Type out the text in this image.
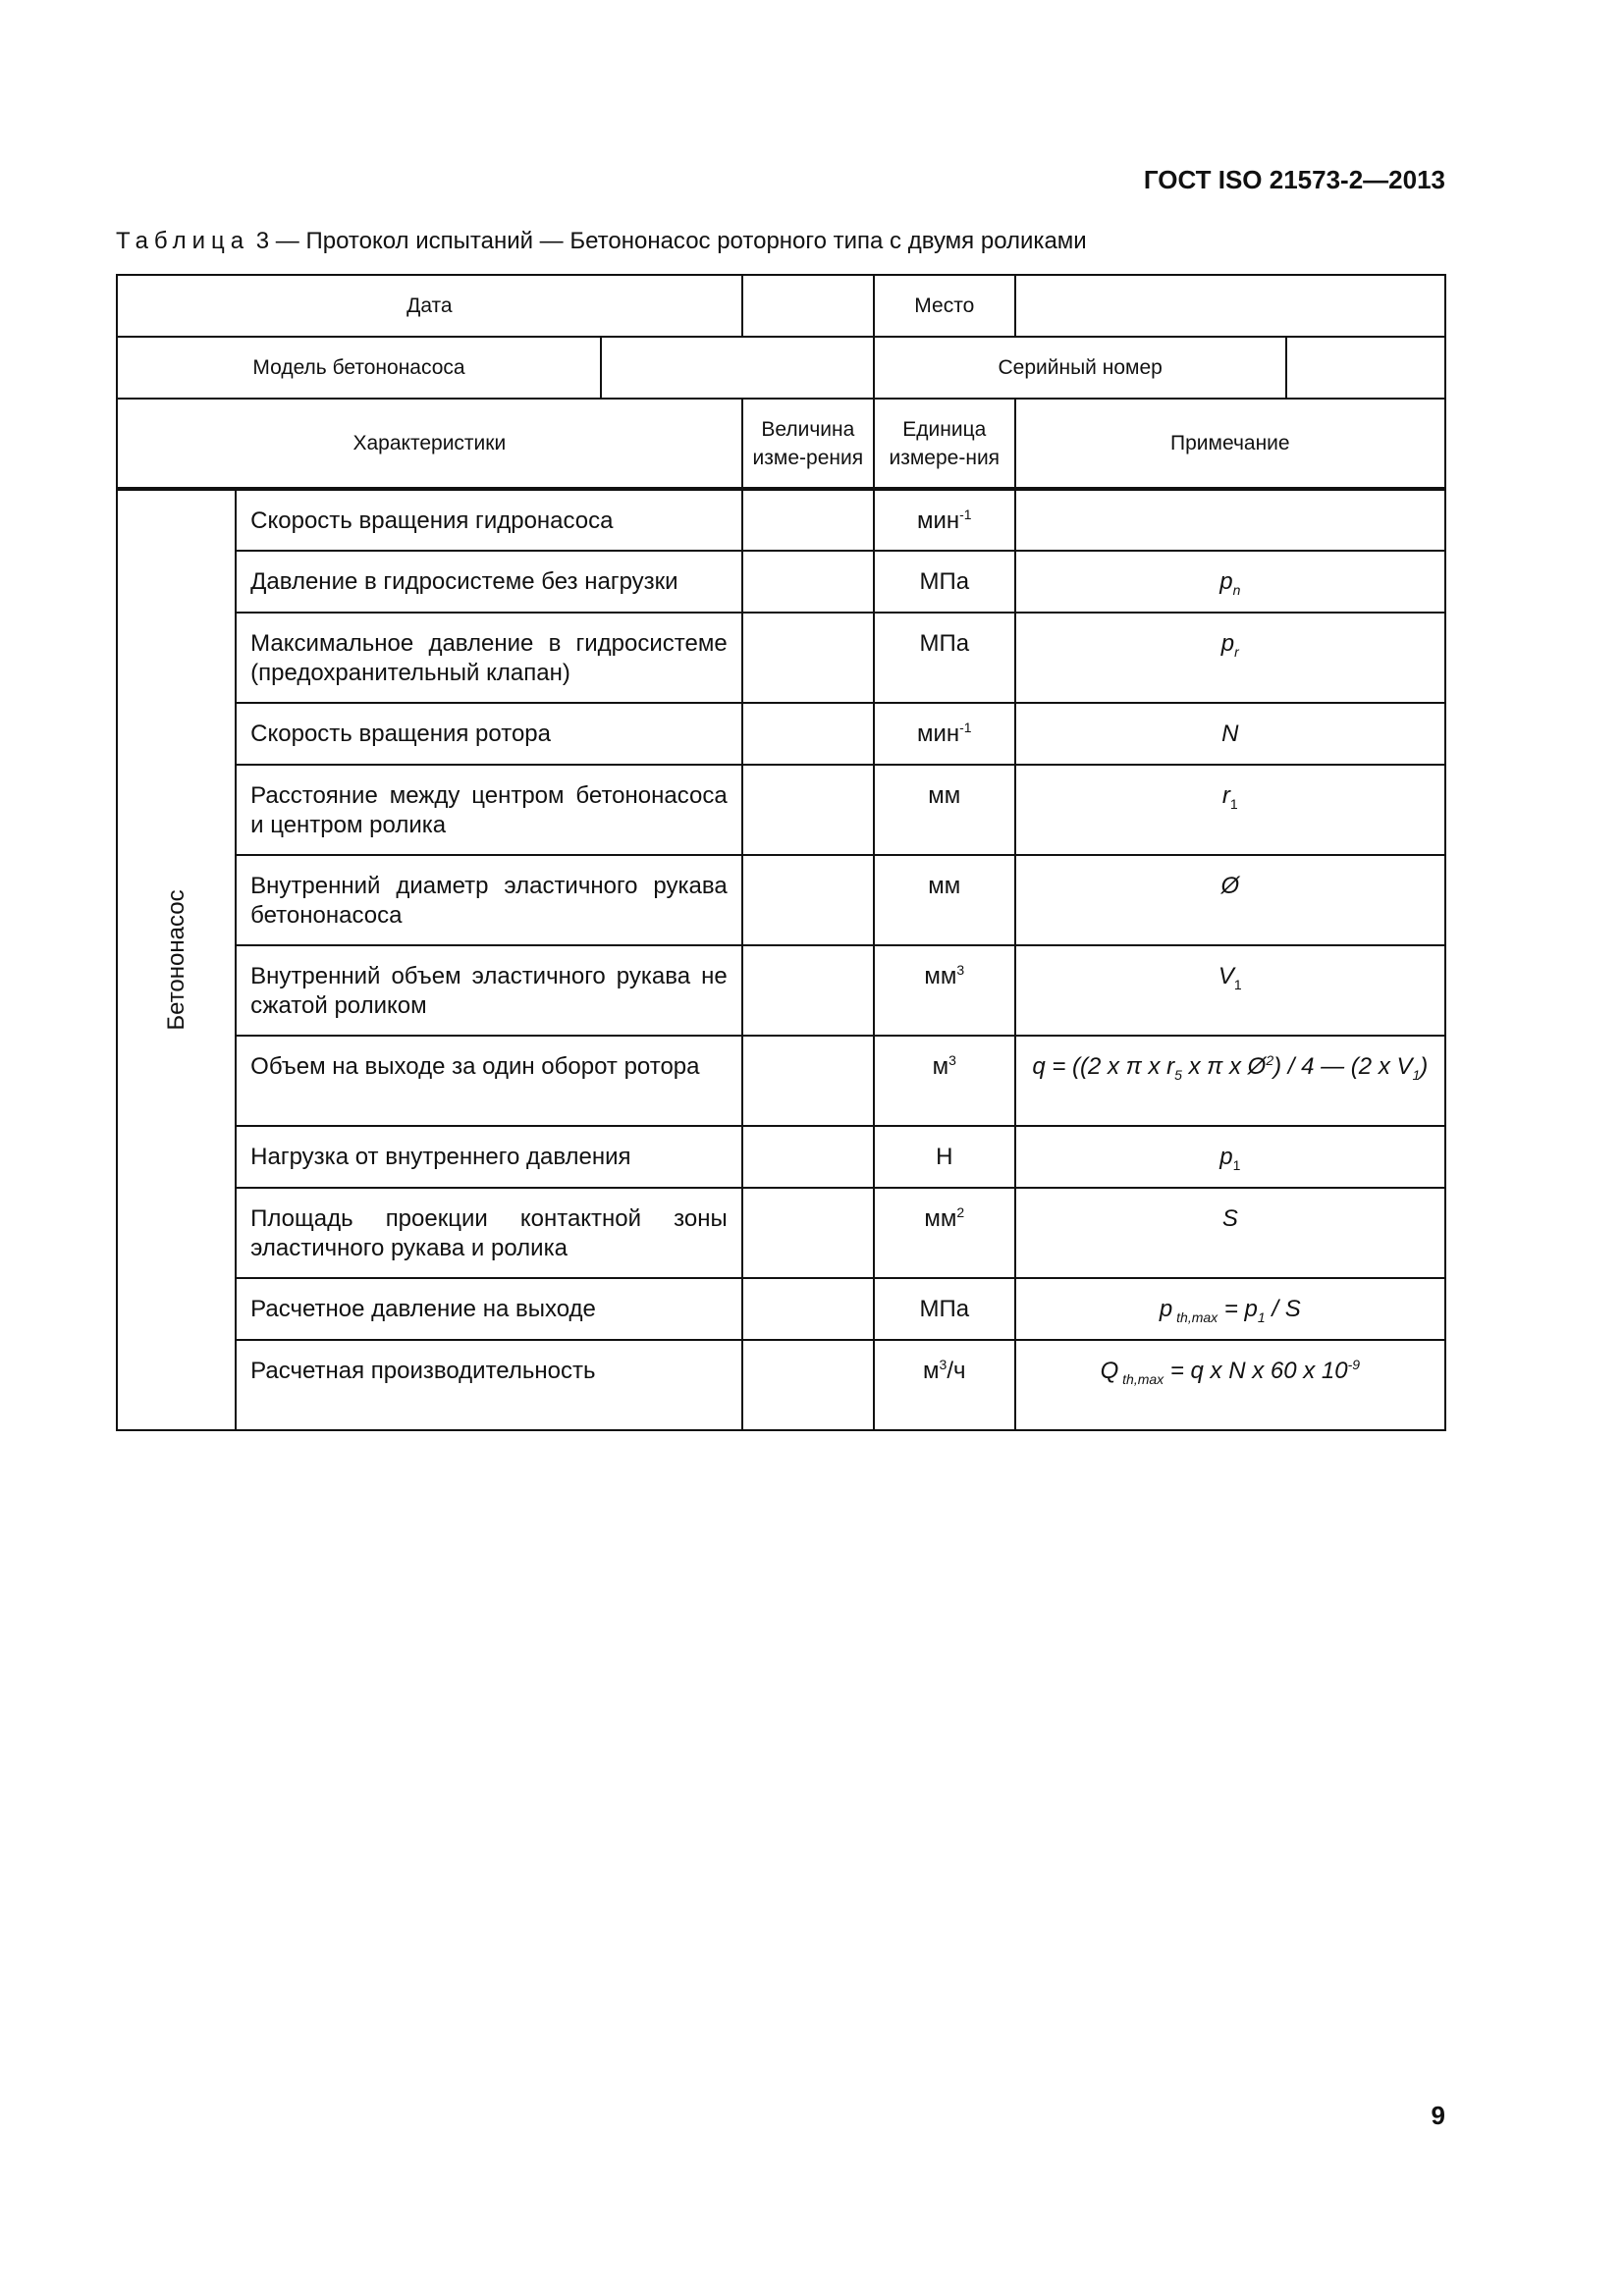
ГОСТ ISO 21573-2—2013
Таблица 3 — Протокол испытаний — Бетононасос роторного типа с двумя роликами
Дата				Место		
Модель бетононасоса				Серийный номер		
Характеристики			Величина изме-рения	Единица измере-ния	Примечание	

Бетононасос	Скорость вращения гидронасоса			мин$^{-1}$	
	Давление в гидросистеме без нагрузки			МПа	$p_n$
	Максимальное давление в гидросистеме (предохранительный клапан)			МПа	$p_r$
	Скорость вращения ротора			мин$^{-1}$	N	
	Расстояние между центром бетононасоса и центром ролика			мм	$r_1$
	Внутренний диаметр эластичного рукава бетононасоса			мм	Ø	
	Внутренний объем эластичного рукава не сжатой роликом			$мм^3$	$V_1$
	Объем на выходе за один оборот ротора			$м^3$	q = ((2 x π x $r_5$ x π x $Ø^2) / 4$ — (2 x $V_1$)	
	Нагрузка от внутреннего давления			Н	$p_1$
	Площадь проекции контактной зоны эластичного рукава и ролика			$мм^2$	S	
	Расчетное давление на выходе			МПа	p $_{th,max} = p_1 / S$	
	Расчетная производительность			$м^3/ч$	Q $_{th,max}$ = q x N x 60 x $10^{-9}$
9
